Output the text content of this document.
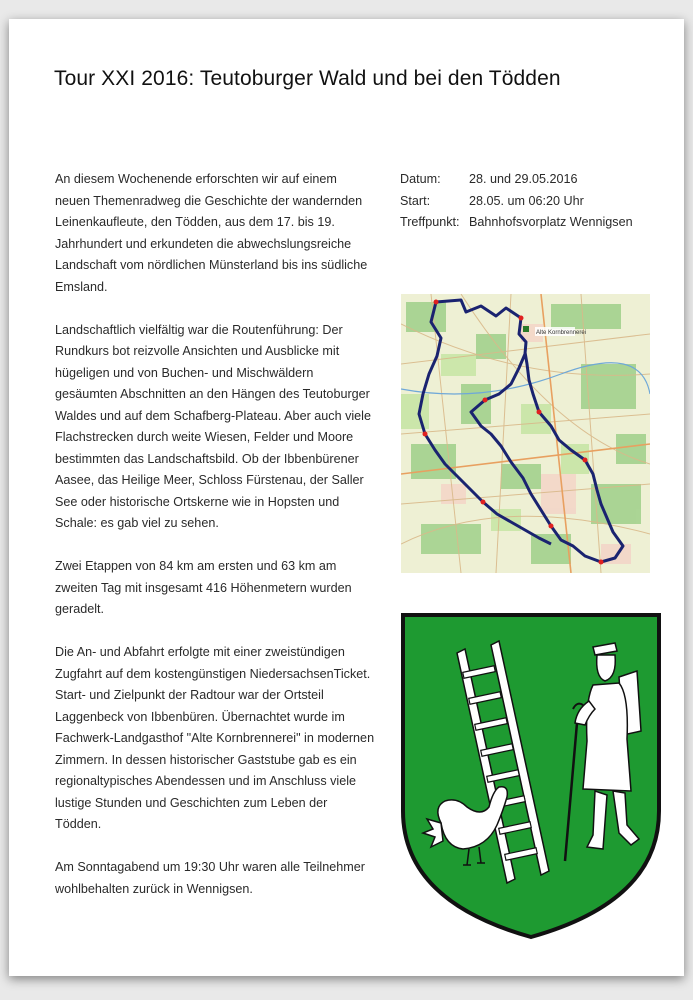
Tour XXI 2016: Teutoburger Wald und bei den Tödden

An diesem Wochenende erforschten wir auf einem neuen Themenradweg die Geschichte der wandernden Leinenkaufleute, den Tödden, aus dem 17. bis 19. Jahrhundert und erkundeten die abwechslungsreiche Landschaft vom nördlichen Münsterland bis ins südliche Emsland.

Landschaftlich vielfältig war die Routenführung: Der Rundkurs bot reizvolle Ansichten und Ausblicke mit hügeligen und von Buchen- und Mischwäldern gesäumten Abschnitten an den Hängen des Teutoburger Waldes und auf dem Schafberg-Plateau. Aber auch viele Flachstrecken durch weite Wiesen, Felder und Moore bestimmten das Landschaftsbild. Ob der Ibbenbürener Aasee, das Heilige Meer, Schloss Fürstenau, der Saller See oder historische Ortskerne wie in Hopsten und Schale: es gab viel zu sehen.

Zwei Etappen von 84 km am ersten und 63 km am zweiten Tag mit insgesamt 416 Höhenmetern wurden geradelt.

Die An- und Abfahrt erfolgte mit einer zweistündigen Zugfahrt auf dem kostengünstigen NiedersachsenTicket. Start- und Zielpunkt der Radtour war der Ortsteil Laggenbeck von Ibbenbüren. Übernachtet wurde im Fachwerk-Landgasthof "Alte Kornbrennerei" in modernen Zimmern. In dessen historischer Gaststube gab es ein regionaltypisches Abendessen und im Anschluss viele lustige Stunden und Geschichten zum Leben der Tödden.

Am Sonntagabend um 19:30 Uhr waren alle Teilnehmer wohlbehalten zurück in Wennigsen.

Datum:	28. und 29.05.2016
Start:	28.05. um 06:20 Uhr
Treffpunkt: Bahnhofsvorplatz Wennigsen
Alte Kornbrennerei
